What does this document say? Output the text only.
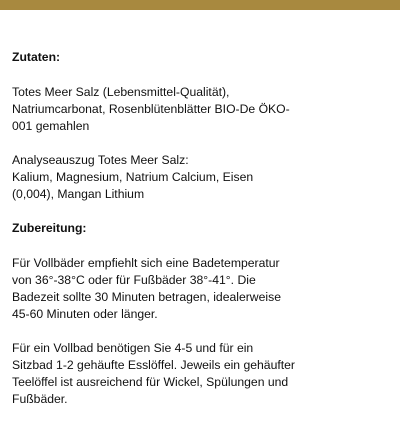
Zutaten:

Totes Meer Salz (Lebensmittel-Qualität),

Natriumcarbonat, Rosenblütenblätter BIO-De ÖKO-

001 gemahlen

Analyseauszug Totes Meer Salz:

Kalium, Magnesium, Natrium Calcium, Eisen

(0,004), Mangan Lithium

Zubereitung:

Für Vollbäder empfiehlt sich eine Badetemperatur

von 36°-38°C oder für Fußbäder 38°-41°. Die

Badezeit sollte 30 Minuten betragen, idealerweise

45-60 Minuten oder länger.

Für ein Vollbad benötigen Sie 4-5 und für ein

Sitzbad 1-2 gehäufte Esslöffel. Jeweils ein gehäufter

Teelöffel ist ausreichend für Wickel, Spülungen und

Fußbäder.
